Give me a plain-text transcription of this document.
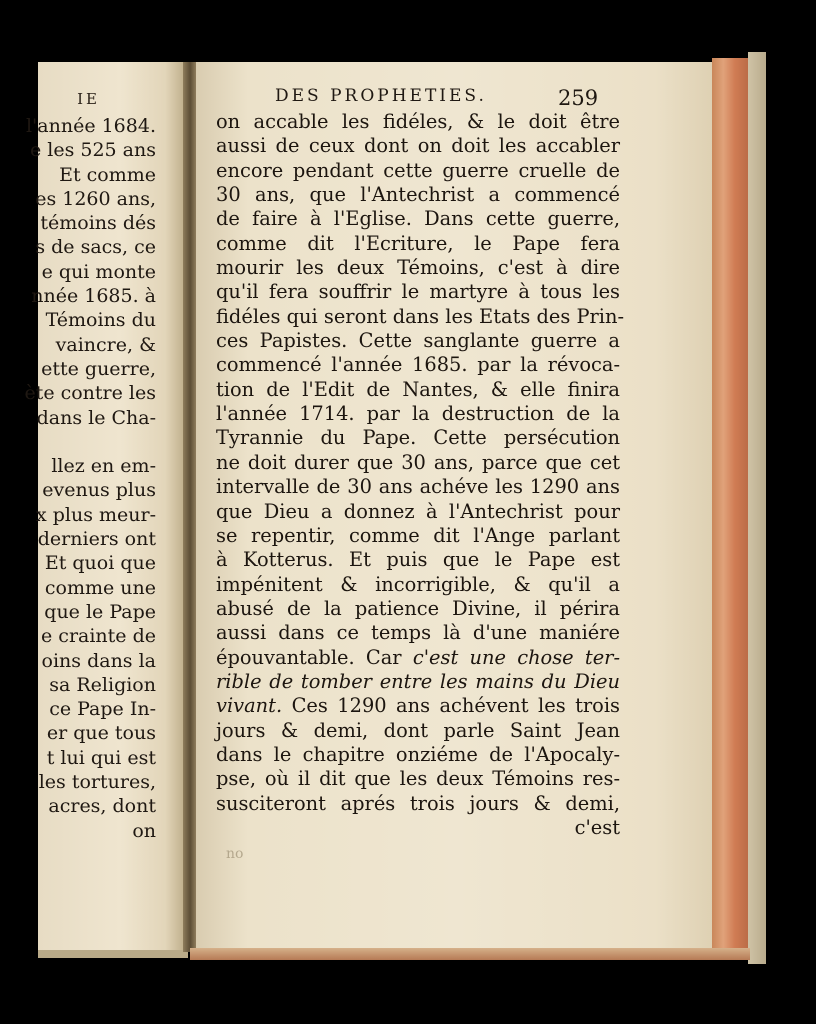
IE
l'année 1684.
e les 525 ans
Et comme
es 1260 ans,
témoins dés
s de sacs, ce
e qui monte
nnée 1685. à
Témoins du
vaincre, &
ette guerre,
ète contre les
dans le Cha-

llez en em-
evenus plus
x plus meur-
derniers ont
Et quoi que
comme une
que le Pape
e crainte de
oins dans la
sa Religion
ce Pape In-
er que tous
t lui qui est
les tortures,
acres, dont
on
DES PROPHETIES.	259
on accable les fidéles, & le doit être
aussi de ceux dont on doit les accabler
encore pendant cette guerre cruelle de
30 ans, que l'Antechrist a commencé
de faire à l'Eglise. Dans cette guerre,
comme dit l'Ecriture, le Pape fera
mourir les deux Témoins, c'est à dire
qu'il fera souffrir le martyre à tous les
fidéles qui seront dans les Etats des Prin-
ces Papistes. Cette sanglante guerre a
commencé l'année 1685. par la révoca-
tion de l'Edit de Nantes, & elle finira
l'année 1714. par la destruction de la
Tyrannie du Pape. Cette persécution
ne doit durer que 30 ans, parce que cet
intervalle de 30 ans achéve les 1290 ans
que Dieu a donnez à l'Antechrist pour
se repentir, comme dit l'Ange parlant
à Kotterus. Et puis que le Pape est
impénitent & incorrigible, & qu'il a
abusé de la patience Divine, il périra
aussi dans ce temps là d'une maniére
épouvantable. Car c'est une chose ter-
rible de tomber entre les mains du Dieu
vivant. Ces 1290 ans achévent les trois
jours & demi, dont parle Saint Jean
dans le chapitre onziéme de l'Apocaly-
pse, où il dit que les deux Témoins res-
susciteront aprés trois jours & demi,
c'est
no
